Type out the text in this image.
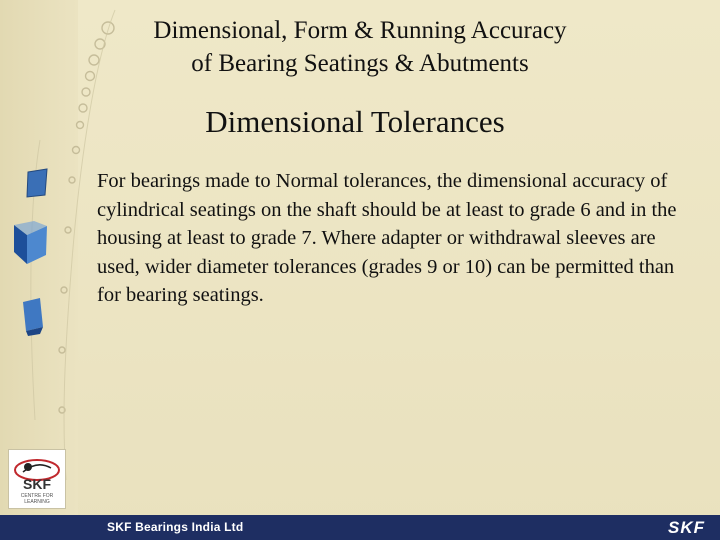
Dimensional, Form & Running Accuracy
of Bearing Seatings & Abutments
Dimensional Tolerances
For bearings made to Normal tolerances, the dimensional accuracy of cylindrical seatings on the shaft should be at least to grade 6 and in the housing at least to grade 7. Where adapter or withdrawal sleeves are used, wider diameter tolerances (grades 9 or 10) can be permitted than for bearing seatings.
SKF
CENTRE FOR LEARNING
SKF Bearings India Ltd	SKF
